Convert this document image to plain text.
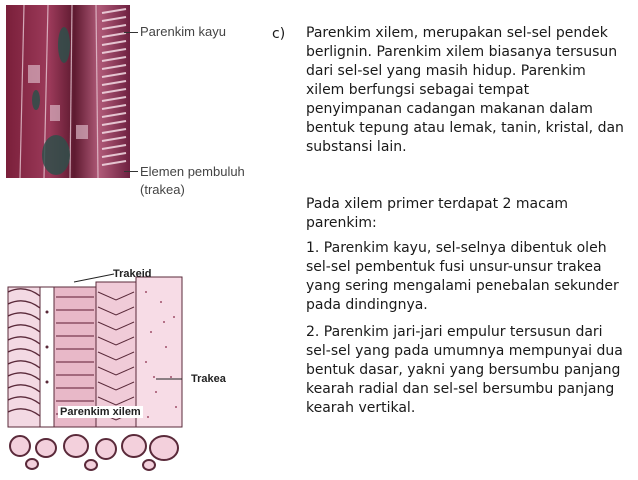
Parenkim kayu
Elemen pembuluh
(trakea)
Trakeid
Trakea
Parenkim xilem
c) Parenkim xilem, merupakan sel-sel pendek berlignin. Parenkim xilem biasanya tersusun dari sel-sel yang masih hidup. Parenkim xilem berfungsi sebagai tempat penyimpanan cadangan makanan dalam bentuk tepung atau lemak, tanin, kristal, dan substansi lain.

Pada xilem primer terdapat 2 macam parenkim:

1. Parenkim kayu, sel-selnya dibentuk oleh sel-sel pembentuk fusi unsur-unsur trakea yang sering mengalami penebalan sekunder pada dindingnya.

2. Parenkim jari-jari empulur tersusun dari sel-sel yang pada umumnya mempunyai dua bentuk dasar, yakni yang bersumbu panjang kearah radial dan sel-sel bersumbu panjang kearah vertikal.
